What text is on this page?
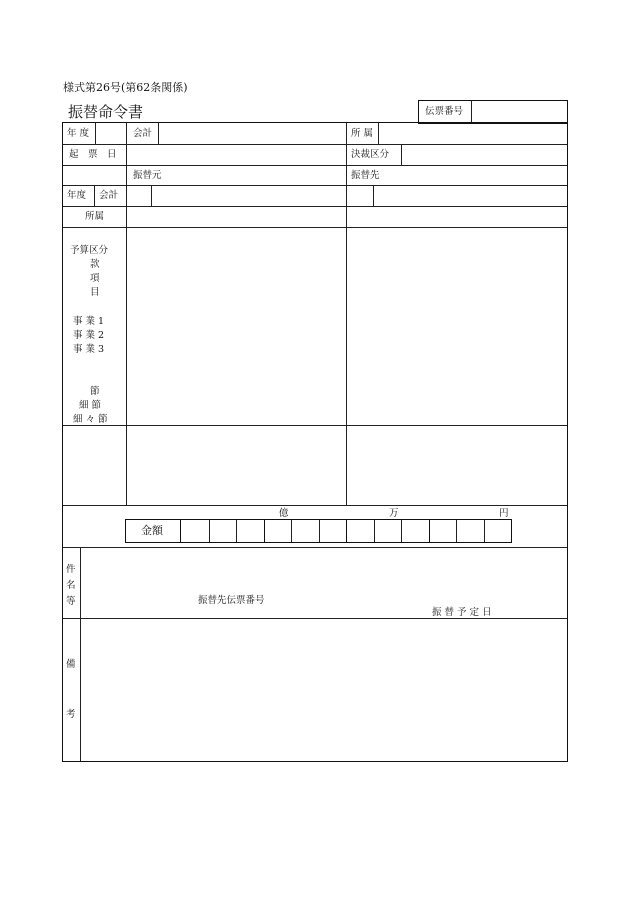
様式第26号(第62条関係)
振替命令書	伝票番号
年 度	会計	所 属
起　票　日	決裁区分
振替元	振替先
年度 会計
所属
予算区分
款
項
目
事 業 1
事 業 2
事 業 3
節
細 節
細 々 節
億	万	円
金額
件
名
等	振替先伝票番号
振 替 予 定 日
備
考
